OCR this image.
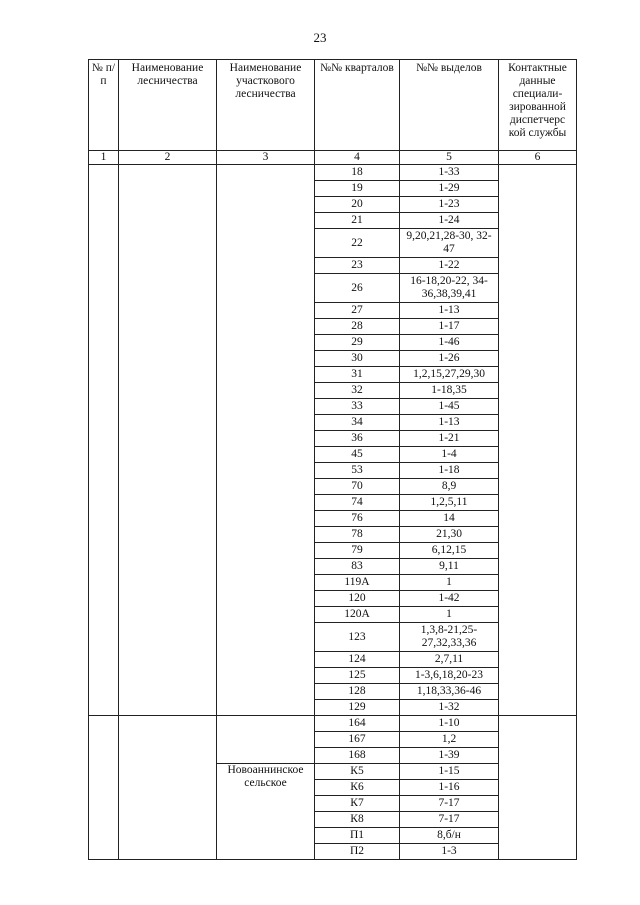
23
№ п/п	Наименование лесничества	Наименование участкового лесничества	№№ кварталов	№№ выделов	Контактные данные специали- зированной диспетчерс кой службы
1	2	3	4	5	6
			18	1-33	
			19	1-29	
			20	1-23	
			21	1-24	
			22	9,20,21,28-30, 32-47	
			23	1-22	
			26	16-18,20-22, 34-36,38,39,41	
			27	1-13	
			28	1-17	
			29	1-46	
			30	1-26	
			31	1,2,15,27,29,30	
			32	1-18,35	
			33	1-45	
			34	1-13	
			36	1-21	
			45	1-4	
			53	1-18	
			70	8,9	
			74	1,2,5,11	
			76	14	
			78	21,30	
			79	6,12,15	
			83	9,11	
			119А	1	
			120	1-42	
			120А	1	
			123	1,3,8-21,25- 27,32,33,36	
			124	2,7,11	
			125	1-3,6,18,20-23	
			128	1,18,33,36-46	
			129	1-32	
			164	1-10	
			167	1,2	
			168	1-39	
		Новоаннинское сельское	К5	1-15	
			К6	1-16	
			К7	7-17	
			К8	7-17	
			П1	8,б/н	
			П2	1-3	
